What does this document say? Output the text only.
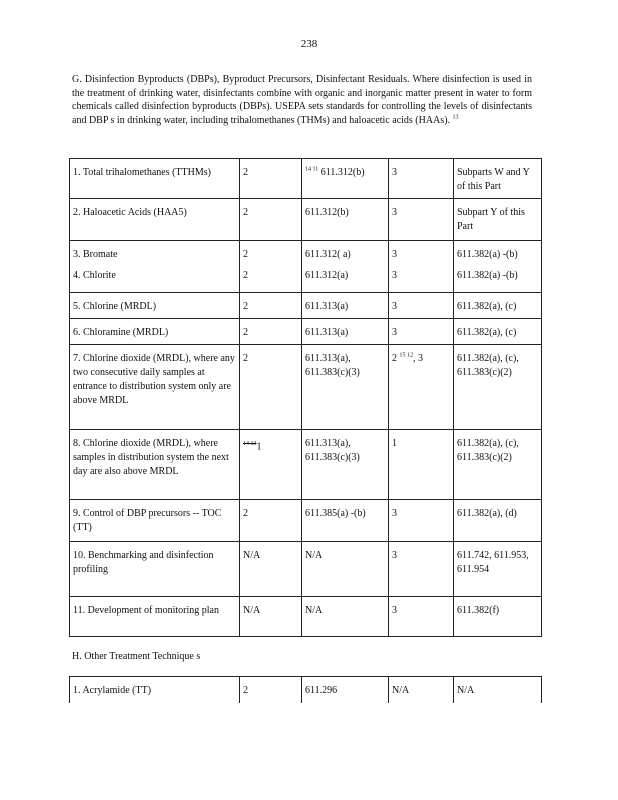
238
G. Disinfection Byproducts (DBPs), Byproduct Precursors, Disinfectant Residuals. Where disinfection is used in the treatment of drinking water, disinfectants combine with organic and inorganic matter present in water to form chemicals called disinfection byproducts (DBPs). USEPA sets standards for controlling the levels of disinfectants and DBP s in drinking water, including trihalomethanes (THMs) and haloacetic acids (HAAs). $^{13}$
1. Total trihalomethanes (TTHMs)	2	$^{14 11}$ 611.312(b)	3	Subparts W and Y of this Part
2. Haloacetic Acids (HAA5)	2	611.312(b)	3	Subpart Y of this Part
3. Bromate	2	611.312( a)	3	611.382(a) -(b)
4. Chlorite	2	611.312(a)	3	611.382(a) -(b)
5. Chlorine (MRDL)	2	611.313(a)	3	611.382(a), (c)
6. Chloramine (MRDL)	2	611.313(a)	3	611.382(a), (c)
7. Chlorine dioxide (MRDL), where any two consecutive daily samples at entrance to distribution system only are above MRDL	2	611.313(a), 611.383(c)(3)	2 $^{15 12}$, 3	611.382(a), (c), 611.383(c)(2)
8. Chlorine dioxide (MRDL), where samples in distribution system the next day are also above MRDL	$^{14 13}$1	611.313(a), 611.383(c)(3)	1	611.382(a), (c), 611.383(c)(2)
9. Control of DBP precursors -- TOC (TT)	2	611.385(a) -(b)	3	611.382(a), (d)
10. Benchmarking and disinfection profiling	N/A	N/A	3	611.742, 611.953, 611.954
11. Development of monitoring plan	N/A	N/A	3	611.382(f)
H. Other Treatment Technique s
1. Acrylamide (TT)	2	611.296	N/A	N/A
